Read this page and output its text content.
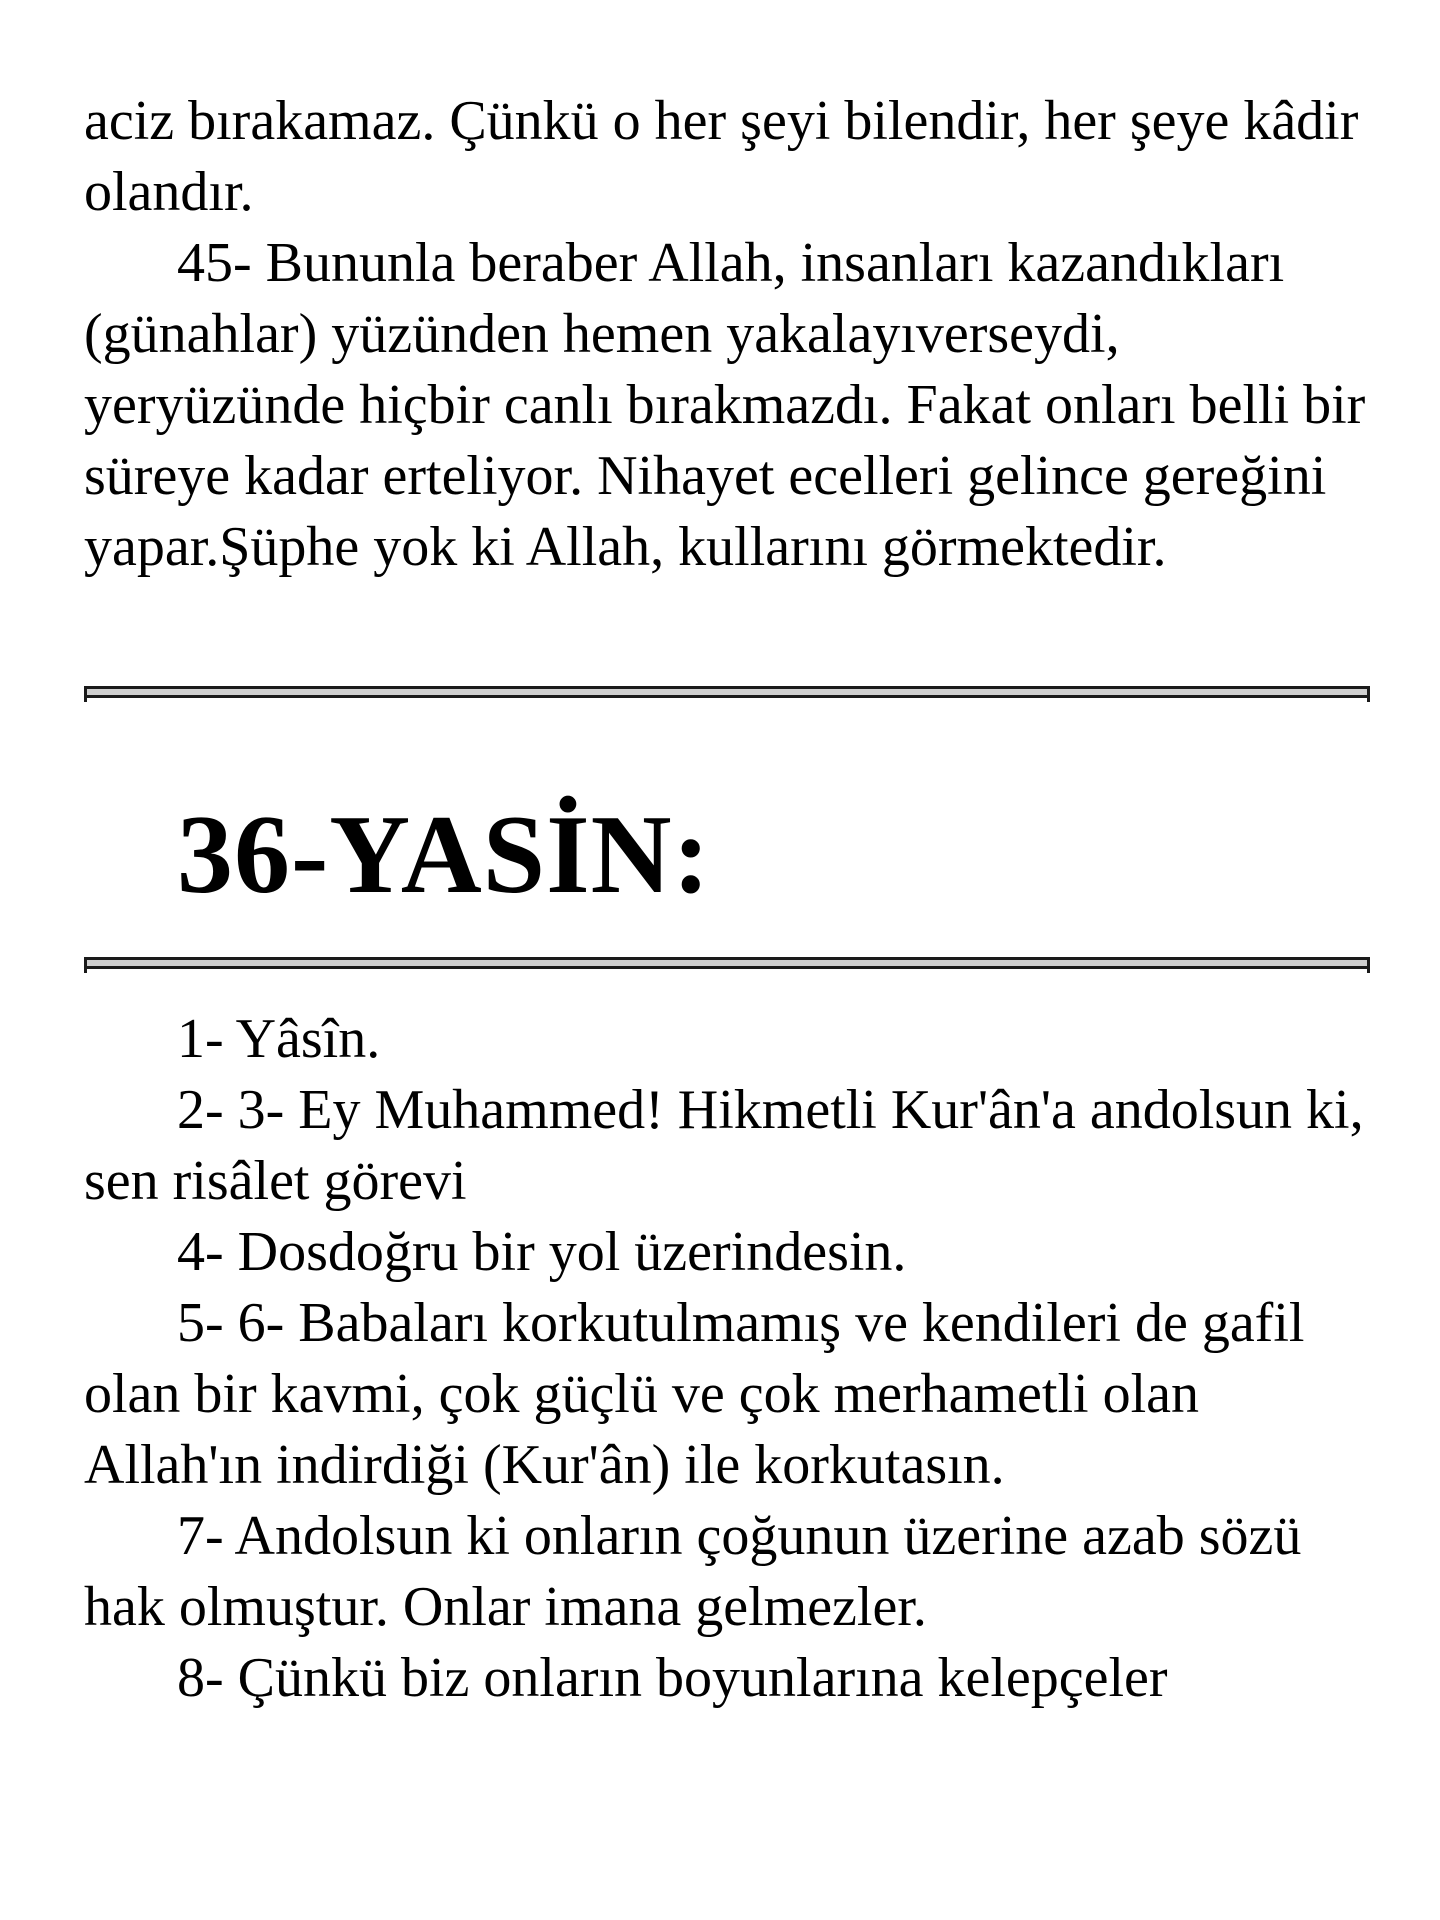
aciz bırakamaz. Çünkü o her şeyi bilendir, her şeye kâdir olandır.

45- Bununla beraber Allah, insanları kazandıkları (günahlar) yüzünden hemen yakalayıverseydi, yeryüzünde hiçbir canlı bırakmazdı. Fakat onları belli bir süreye kadar erteliyor. Nihayet ecelleri gelince gereğini yapar.Şüphe yok ki Allah, kullarını görmektedir.

36-YASİN:

1- Yâsîn.

2- 3- Ey Muhammed! Hikmetli Kur'ân'a andolsun ki, sen risâlet görevi

4- Dosdoğru bir yol üzerindesin.

5- 6- Babaları korkutulmamış ve kendileri de gafil olan bir kavmi, çok güçlü ve çok merhametli olan Allah'ın indirdiği (Kur'ân) ile korkutasın.

7- Andolsun ki onların çoğunun üzerine azab sözü hak olmuştur. Onlar imana gelmezler.

8- Çünkü biz onların boyunlarına kelepçeler
